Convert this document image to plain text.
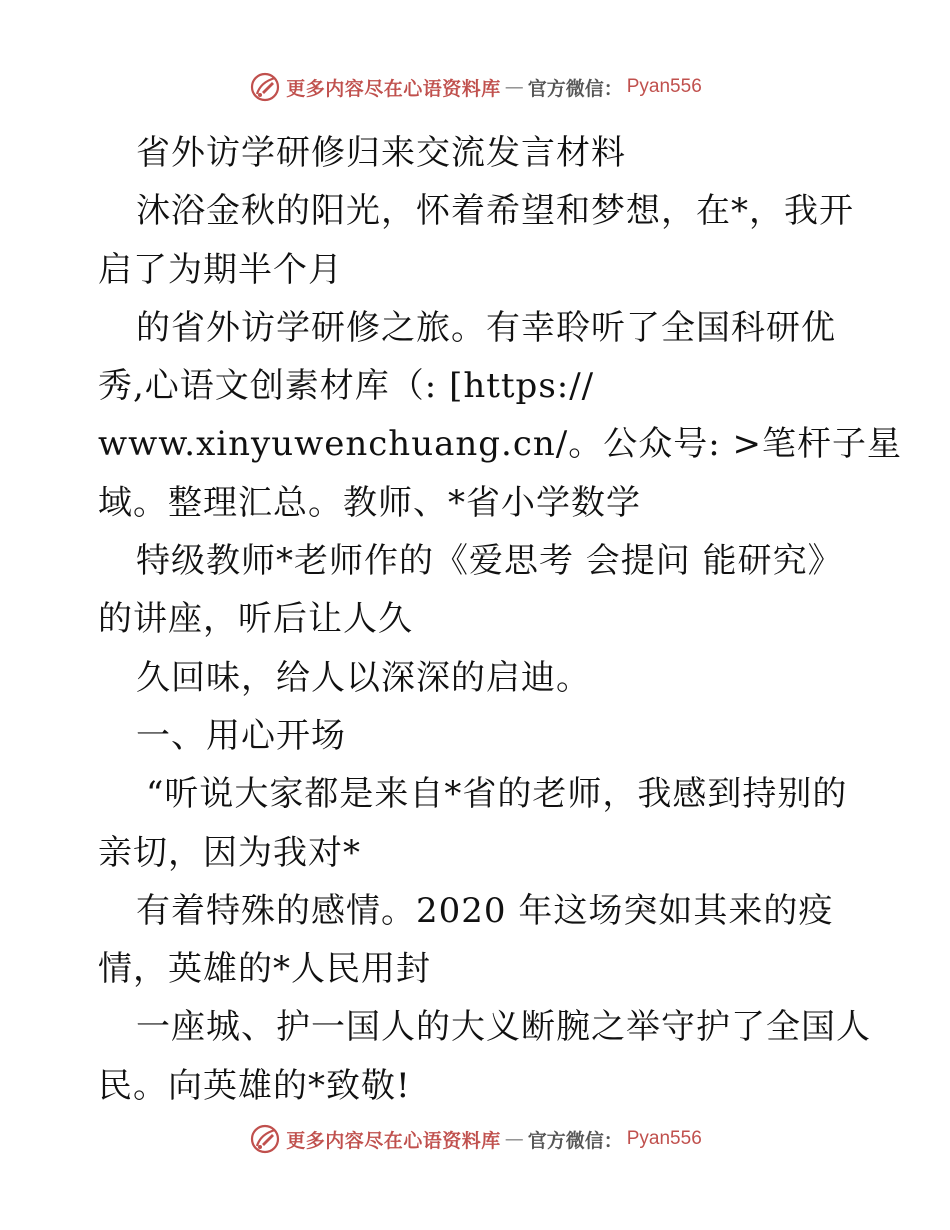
更多内容尽在心语资料库 — 官方微信： Pyan556
省外访学研修归来交流发言材料
沐浴金秋的阳光，怀着希望和梦想，在*，我开
启了为期半个月
的省外访学研修之旅。有幸聆听了全国科研优
秀,心语文创素材库（: [https://
www.xinyuwenchuang.cn/。公众号: >笔杆子星
域。整理汇总。教师、*省小学数学
特级教师*老师作的《爱思考 会提问 能研究》
的讲座，听后让人久
久回味，给人以深深的启迪。
一、用心开场
“听说大家都是来自*省的老师，我感到持别的
亲切，因为我对*
有着特殊的感情。2020 年这场突如其来的疫
情，英雄的*人民用封
一座城、护一国人的大义断腕之举守护了全国人
民。向英雄的*致敬!
更多内容尽在心语资料库 — 官方微信： Pyan556
